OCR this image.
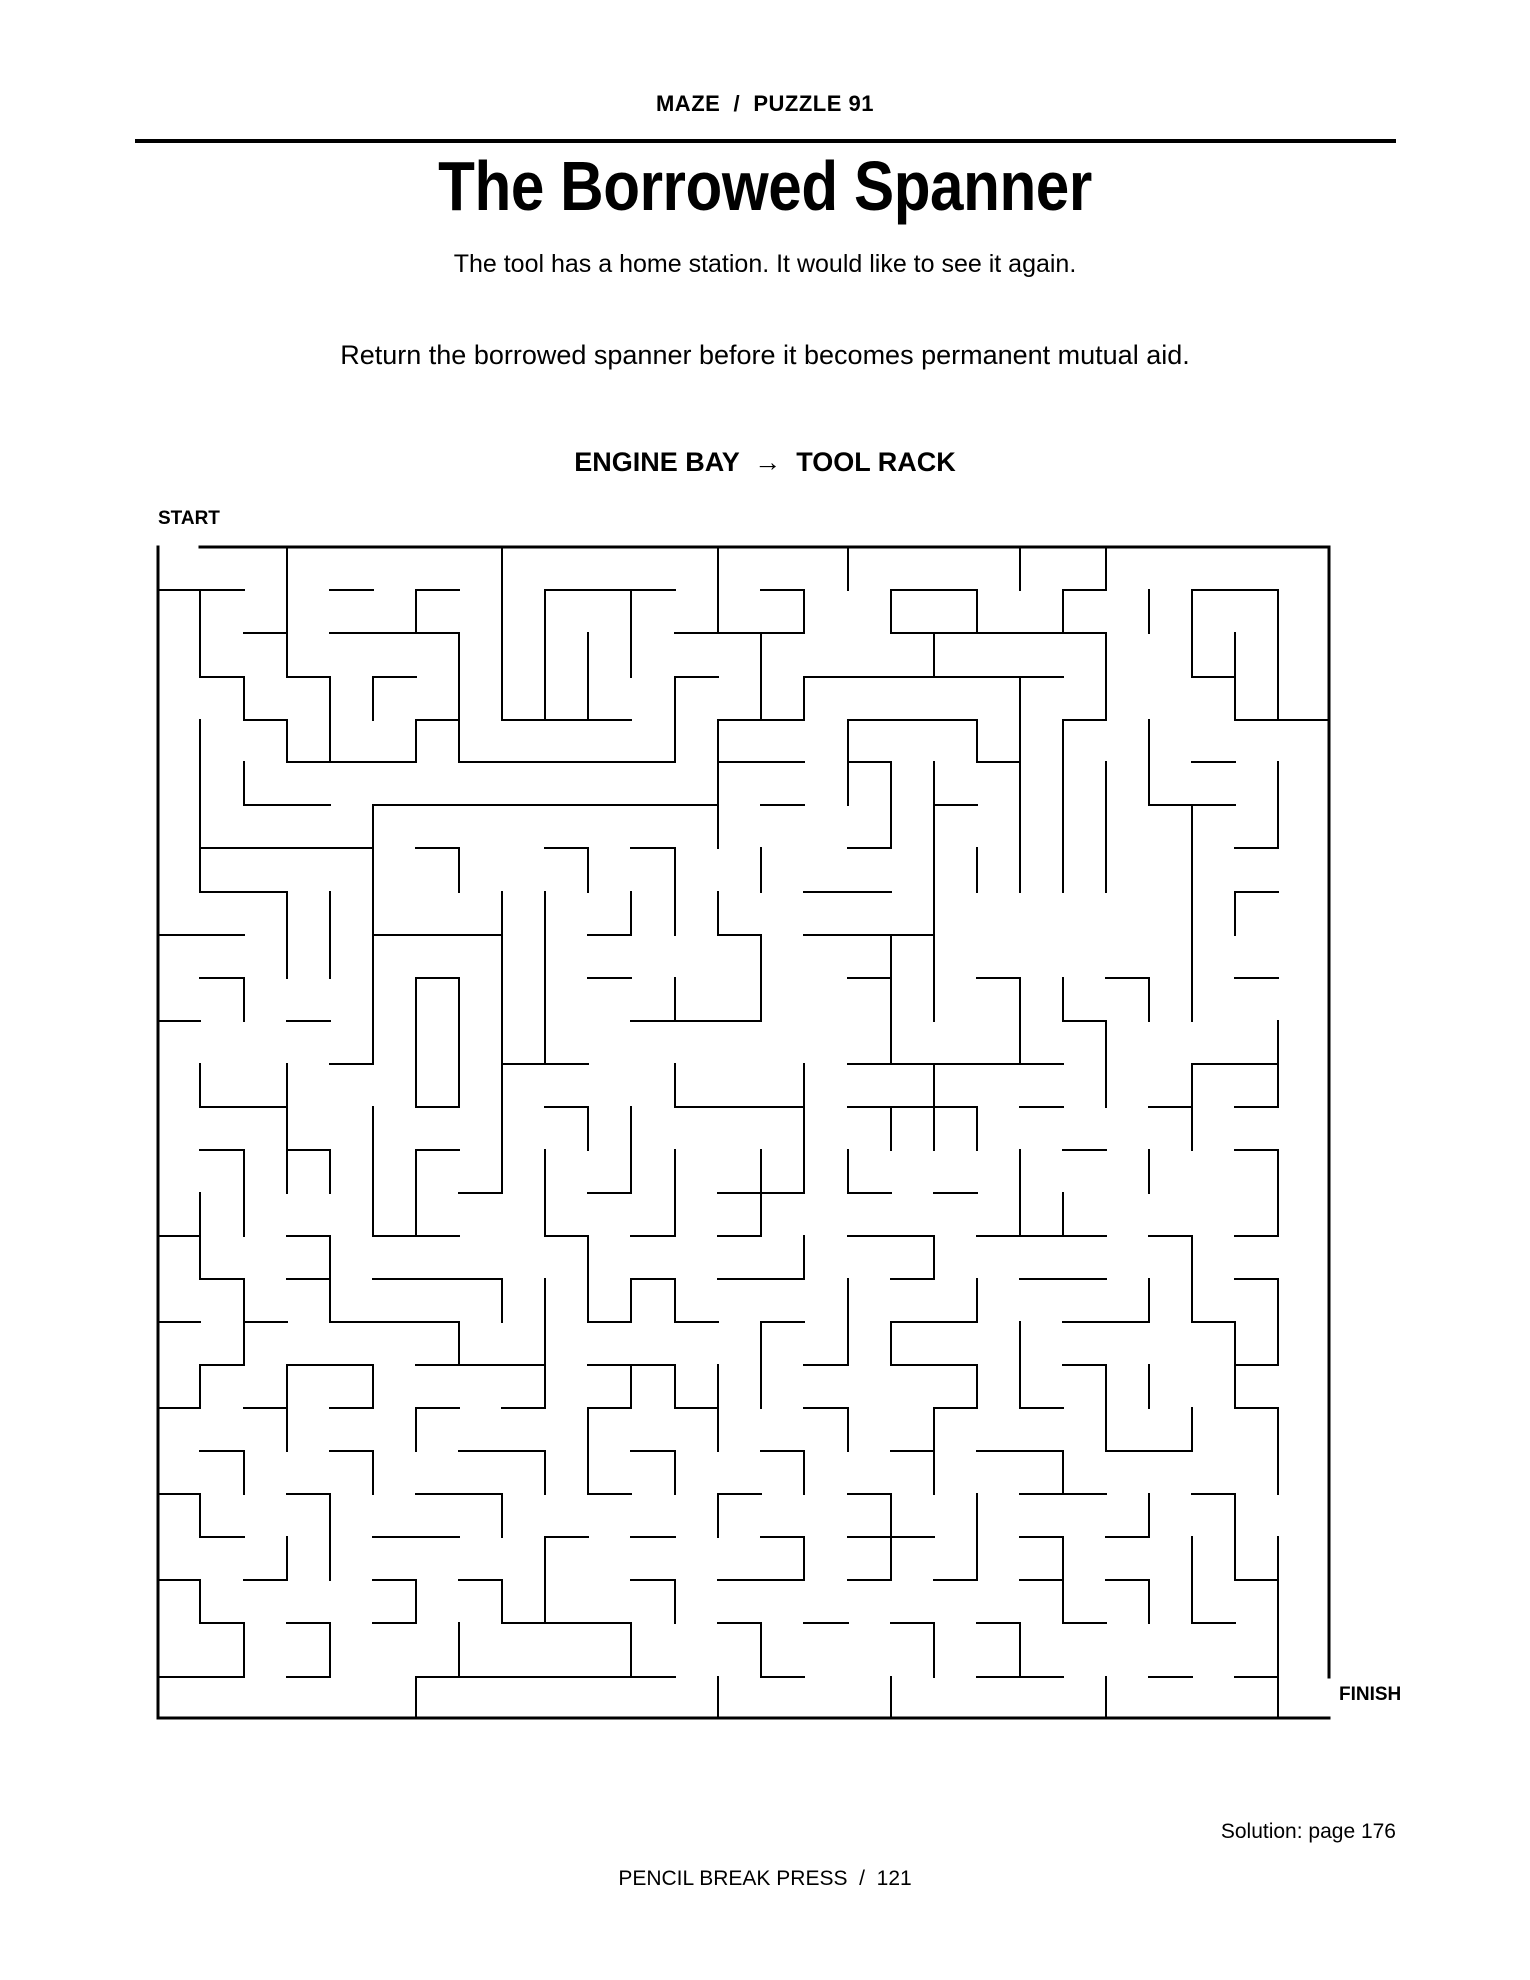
MAZE  /  PUZZLE 91
The Borrowed Spanner
The tool has a home station. It would like to see it again.
Return the borrowed spanner before it becomes permanent mutual aid.
ENGINE BAY  →  TOOL RACK
START
FINISH
Solution: page 176
PENCIL BREAK PRESS  /  121
